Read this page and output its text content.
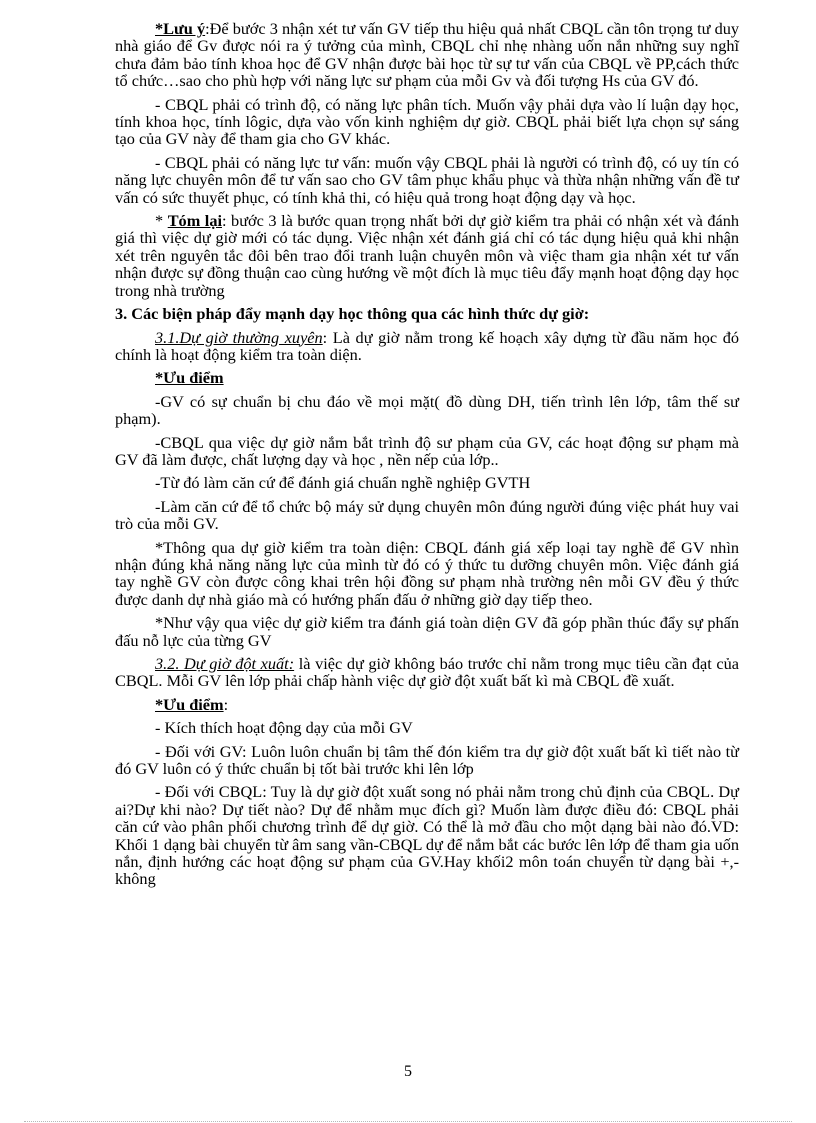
*Lưu ý:Để bước 3 nhận xét tư vấn GV tiếp thu hiệu quả nhất CBQL cần tôn trọng tư duy nhà giáo để Gv được nói ra ý tưởng của mình, CBQL chỉ nhẹ nhàng uốn nắn những suy nghĩ chưa đảm bảo tính khoa học để GV nhận được bài học từ sự tư vấn của CBQL về PP,cách thức tổ chức…sao cho phù hợp với năng lực sư phạm của mỗi Gv và đối tượng Hs của GV đó.

- CBQL phải có trình độ, có năng lực phân tích. Muốn vậy phải dựa vào lí luận dạy học, tính khoa học, tính lôgic, dựa vào vốn kinh nghiệm dự giờ. CBQL phải biết lựa chọn sự sáng tạo của GV này để tham gia cho GV khác.

- CBQL phải có năng lực tư vấn: muốn vậy CBQL phải là người có trình độ, có uy tín có năng lực chuyên môn để tư vấn sao cho GV tâm phục khẩu phục và thừa nhận những vấn đề tư vấn có sức thuyết phục, có tính khả thi, có hiệu quả trong hoạt động dạy và học.

* Tóm lại: bước 3 là bước quan trọng nhất bởi dự giờ kiểm tra phải có nhận xét và đánh giá thì việc dự giờ mới có tác dụng. Việc nhận xét đánh giá chỉ có tác dụng hiệu quả khi nhận xét trên nguyên tắc đôi bên trao đổi tranh luận chuyên môn và việc tham gia nhận xét tư vấn nhận được sự đồng thuận cao cùng hướng về một đích là mục tiêu đẩy mạnh hoạt động dạy học trong nhà trường

3. Các biện pháp đẩy mạnh dạy học thông qua các hình thức dự giờ:

3.1.Dự giờ thường xuyên: Là dự giờ nằm trong kế hoạch xây dựng từ đầu năm học đó chính là hoạt động kiểm tra toàn diện.

*Ưu điểm

-GV có sự chuẩn bị chu đáo về mọi mặt( đồ dùng DH, tiến trình lên lớp, tâm thế sư phạm).

-CBQL qua việc dự giờ nắm bắt trình độ sư phạm của GV, các hoạt động sư phạm mà GV đã làm được, chất lượng dạy và học , nền nếp của lớp..

-Từ đó làm căn cứ để đánh giá chuẩn nghề nghiệp GVTH

-Làm căn cứ để tổ chức bộ máy sử dụng chuyên môn đúng người đúng việc phát huy vai trò của mỗi GV.

*Thông qua dự giờ kiểm tra toàn diện: CBQL đánh giá xếp loại tay nghề để GV nhìn nhận đúng khả năng năng lực của mình từ đó có ý thức tu dưỡng chuyên môn. Việc đánh giá tay nghề GV còn được công khai trên hội đồng sư phạm nhà trường nên mỗi GV đều ý thức được danh dự nhà giáo mà có hướng phấn đấu ở những giờ dạy tiếp theo.

*Như vậy qua việc dự giờ kiểm tra đánh giá toàn diện GV đã góp phần thúc đẩy sự phấn đấu nỗ lực của từng GV

3.2. Dự giờ đột xuất: là việc dự giờ không báo trước chỉ nằm trong mục tiêu cần đạt của CBQL. Mỗi GV lên lớp phải chấp hành việc dự giờ đột xuất bất kì mà CBQL đề xuất.

*Ưu điểm:

- Kích thích hoạt động dạy của mỗi GV

- Đối với GV: Luôn luôn chuẩn bị tâm thế đón kiểm tra dự giờ đột xuất bất kì tiết nào từ đó GV luôn có ý thức chuẩn bị tốt bài trước khi lên lớp

- Đối với CBQL: Tuy là dự giờ đột xuất song nó phải nằm trong chủ định của CBQL. Dự ai?Dự khi nào? Dự tiết nào? Dự để nhằm mục đích gì? Muốn làm được điều đó: CBQL phải căn cứ vào phân phối chương trình để dự giờ. Có thể là mở đầu cho một dạng bài nào đó.VD: Khối 1 dạng bài chuyển từ âm sang vần-CBQL dự để nắm bắt các bước lên lớp để tham gia uốn nắn, định hướng các hoạt động sư phạm của GV.Hay khối2 môn toán chuyển từ dạng bài +,- không

5
